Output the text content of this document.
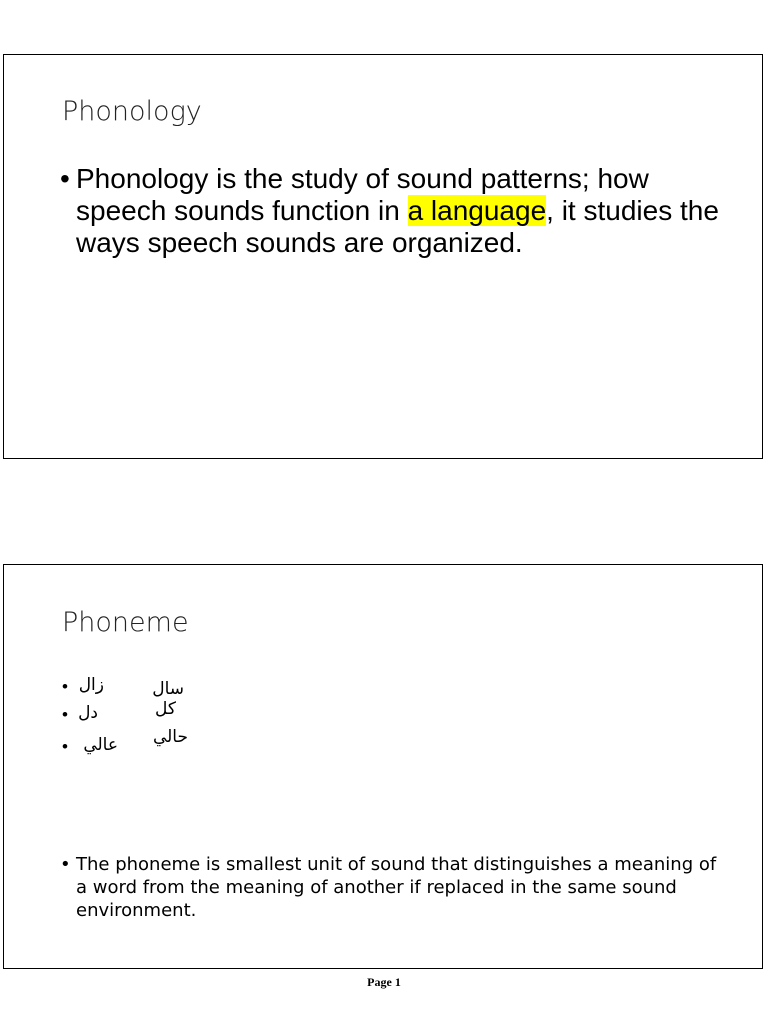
Phonology
• Phonology is the study of sound patterns; how speech sounds function in a language, it studies the ways speech sounds are organized.
Phoneme
• زال	سال
• دل	كل
• عالي	حالي
• The phoneme is smallest unit of sound that distinguishes a meaning of a word from the meaning of another if replaced in the same sound environment.
Page 1
